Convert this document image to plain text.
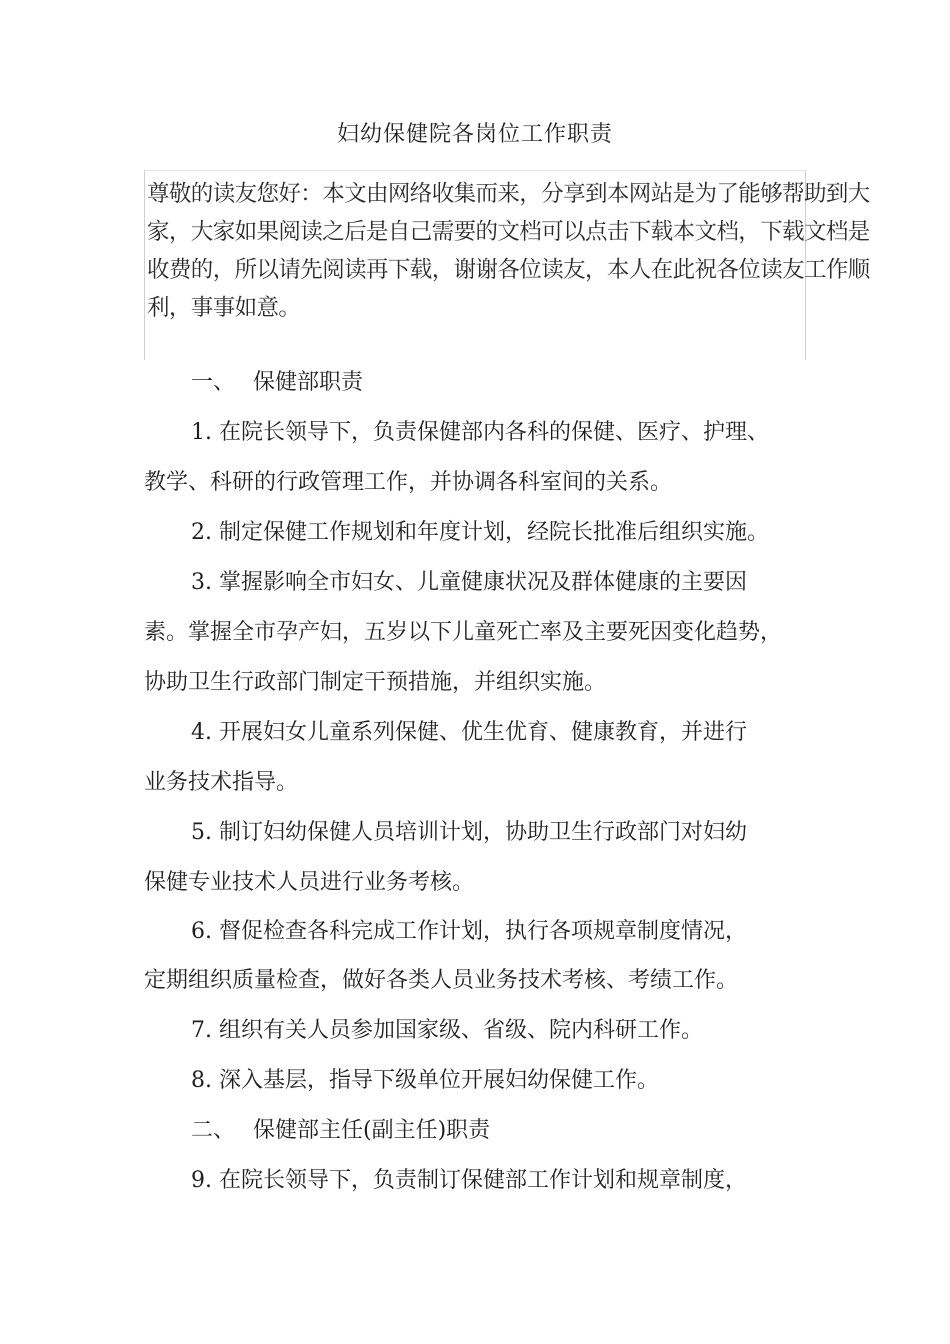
妇幼保健院各岗位工作职责
尊敬的读友您好：本文由网络收集而来，分享到本网站是为了能够帮助到大
家，大家如果阅读之后是自己需要的文档可以点击下载本文档，下载文档是
收费的，所以请先阅读再下载，谢谢各位读友，本人在此祝各位读友工作顺
利，事事如意。
一、 保健部职责
1. 在院长领导下，负责保健部内各科的保健、医疗、护理、
教学、科研的行政管理工作，并协调各科室间的关系。
2. 制定保健工作规划和年度计划，经院长批准后组织实施。
3. 掌握影响全市妇女、儿童健康状况及群体健康的主要因
素。掌握全市孕产妇，五岁以下儿童死亡率及主要死因变化趋势，
协助卫生行政部门制定干预措施，并组织实施。
4. 开展妇女儿童系列保健、优生优育、健康教育，并进行
业务技术指导。
5. 制订妇幼保健人员培训计划，协助卫生行政部门对妇幼
保健专业技术人员进行业务考核。
6. 督促检查各科完成工作计划，执行各项规章制度情况，
定期组织质量检查，做好各类人员业务技术考核、考绩工作。
7. 组织有关人员参加国家级、省级、院内科研工作。
8. 深入基层，指导下级单位开展妇幼保健工作。
二、 保健部主任(副主任)职责
9. 在院长领导下，负责制订保健部工作计划和规章制度，
